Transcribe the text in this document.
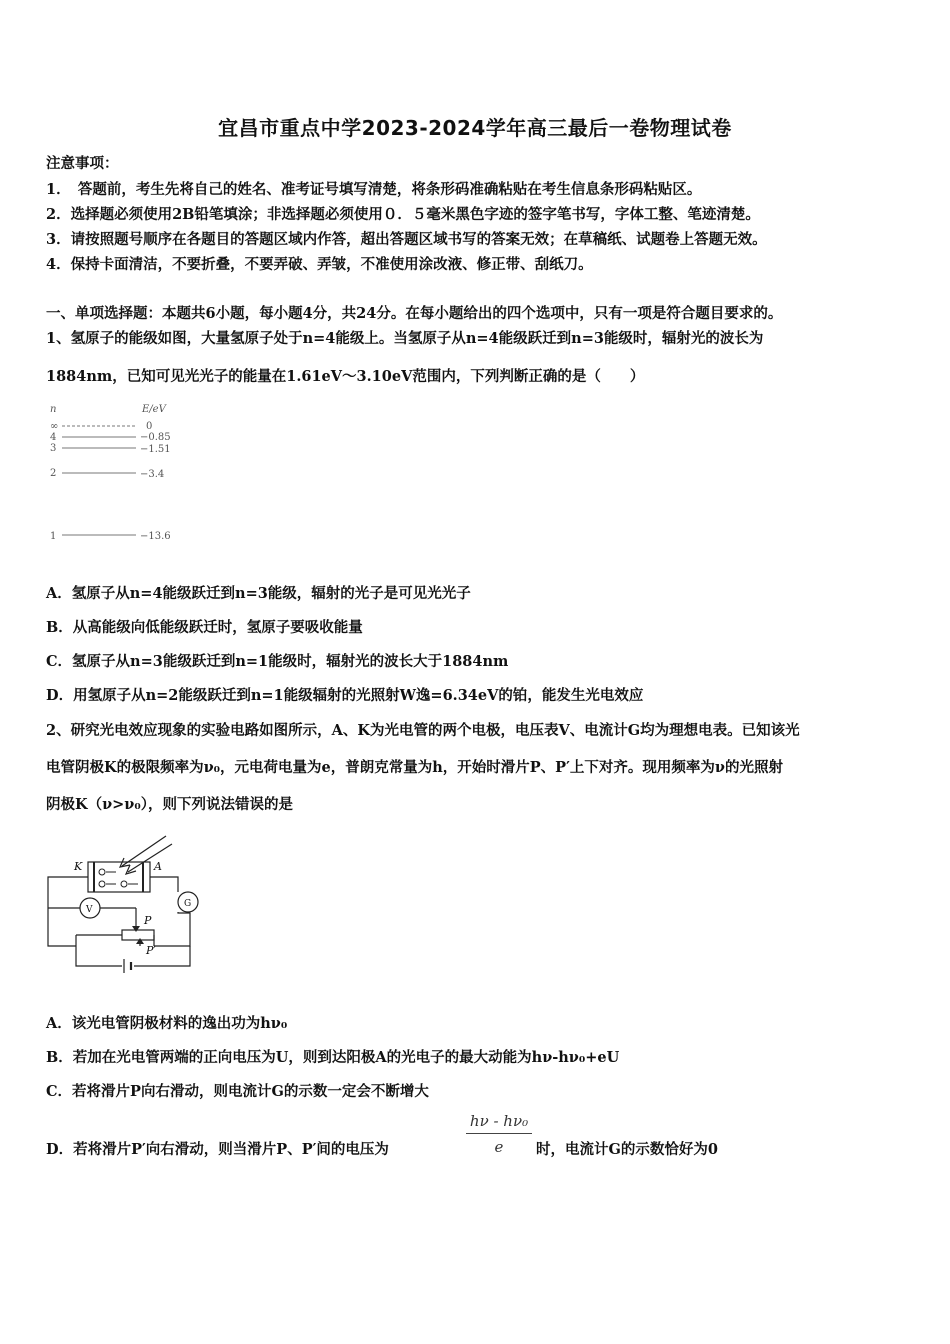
宜昌市重点中学2023-2024学年高三最后一卷物理试卷
注意事项：
1．　答题前，考生先将自己的姓名、准考证号填写清楚，将条形码准确粘贴在考生信息条形码粘贴区。
2．选择题必须使用2B铅笔填涂；非选择题必须使用０．５毫米黑色字迹的签字笔书写，字体工整、笔迹清楚。
3．请按照题号顺序在各题目的答题区域内作答，超出答题区域书写的答案无效；在草稿纸、试题卷上答题无效。
4．保持卡面清洁，不要折叠，不要弄破、弄皱，不准使用涂改液、修正带、刮纸刀。
一、单项选择题：本题共6小题，每小题4分，共24分。在每小题给出的四个选项中，只有一项是符合题目要求的。
1、氢原子的能级如图，大量氢原子处于n=4能级上。当氢原子从n=4能级跃迁到n=3能级时，辐射光的波长为
1884nm，已知可见光光子的能量在1.61eV～3.10eV范围内，下列判断正确的是（　　）
n	E/eV
∞	0
4	−0.85
3	−1.51
2	−3.4
1	−13.6
A．氢原子从n=4能级跃迁到n=3能级，辐射的光子是可见光光子
B．从高能级向低能级跃迁时，氢原子要吸收能量
C．氢原子从n=3能级跃迁到n=1能级时，辐射光的波长大于1884nm
D．用氢原子从n=2能级跃迁到n=1能级辐射的光照射W逸=6.34eV的铂，能发生光电效应
2、研究光电效应现象的实验电路如图所示，A、K为光电管的两个电极，电压表V、电流计G均为理想电表。已知该光
电管阴极K的极限频率为ν₀，元电荷电量为e，普朗克常量为h，开始时滑片P、P′上下对齐。现用频率为ν的光照射
阴极K（ν>ν₀），则下列说法错误的是
K	A
V
G
P
P′
A．该光电管阴极材料的逸出功为hν₀
B．若加在光电管两端的正向电压为U，则到达阳极A的光电子的最大动能为hν-hν₀+eU
C．若将滑片P向右滑动，则电流计G的示数一定会不断增大
D．若将滑片P′向右滑动，则当滑片P、P′间的电压为	$\frac{\text{hν - hν₀}}{e}$ 时，电流计G的示数恰好为0
